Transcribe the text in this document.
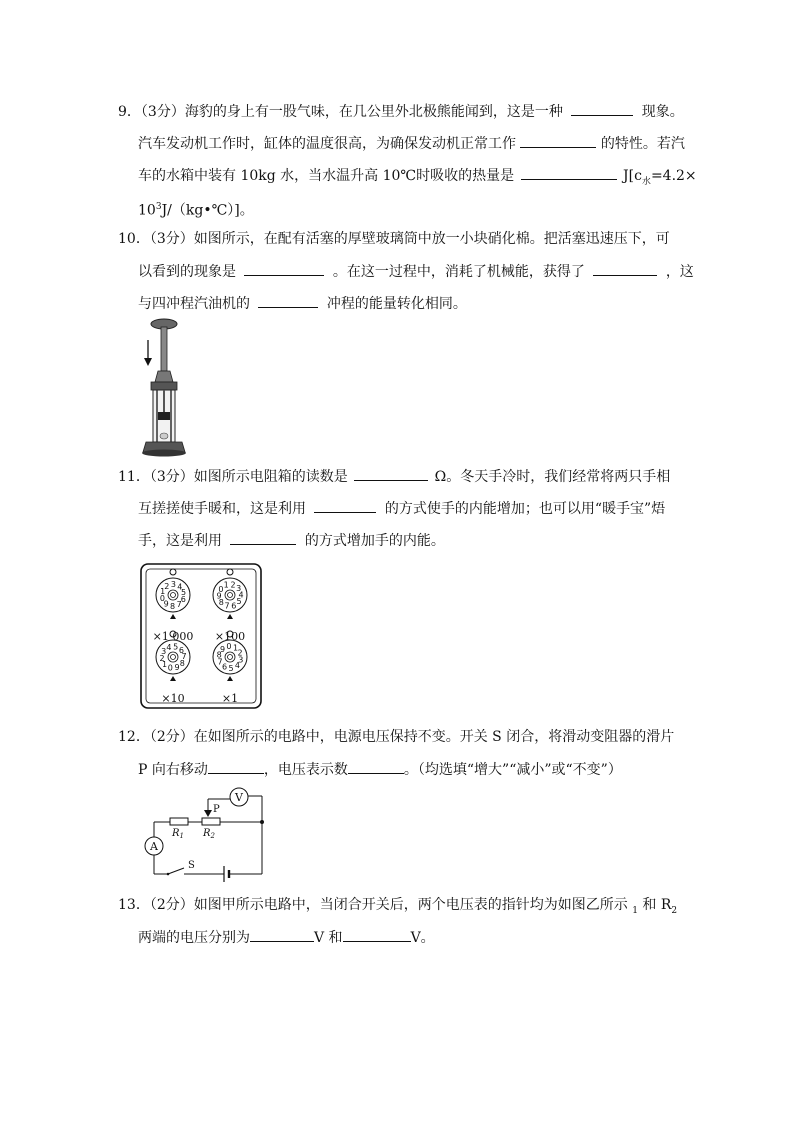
9．（3分）海豹的身上有一股气味，在几公里外北极熊能闻到，这是一种	现象。
汽车发动机工作时，缸体的温度很高，为确保发动机正常工作	的特性。若汽
车的水箱中装有 10kg 水，当水温升高 10℃时吸收的热量是	$J[c_水=4.2\times$
$10^3J/(kg•℃)$]。
10．（3分）如图所示，在配有活塞的厚壁玻璃筒中放一小块硝化棉。把活塞迅速压下，可
以看到的现象是	。在这一过程中，消耗了机械能，获得了	，这
与四冲程汽油机的	冲程的能量转化相同。
11．（3分）如图所示电阻箱的读数是	Ω。冬天手冷时，我们经常将两只手相
互搓搓使手暖和，这是利用	的方式使手的内能增加；也可以用“暖手宝”焐
手，这是利用	的方式增加手的内能。
1
2 3 4
5
6
7
8
9
0
1 2 3
4
5
6
7
8
9
0
1
2
3 4 5 6
7
8
9
0
1
2
3
4
5
6
7
8
9 0
×1 000 ×100
×10	×1
12．（2分）在如图所示的电路中，电源电压保持不变。开关 S 闭合，将滑动变阻器的滑片
P 向右移动	，电压表示数	。（均选填“增大”“减小”或“不变”）
V
A
P
$R_1$ $R_2$
S
13．（2分）如图甲所示电路中，当闭合开关后，两个电压表的指针均为如图乙所示 $_1$ 和 $R_2$
两端的电压分别为	V 和	V。
